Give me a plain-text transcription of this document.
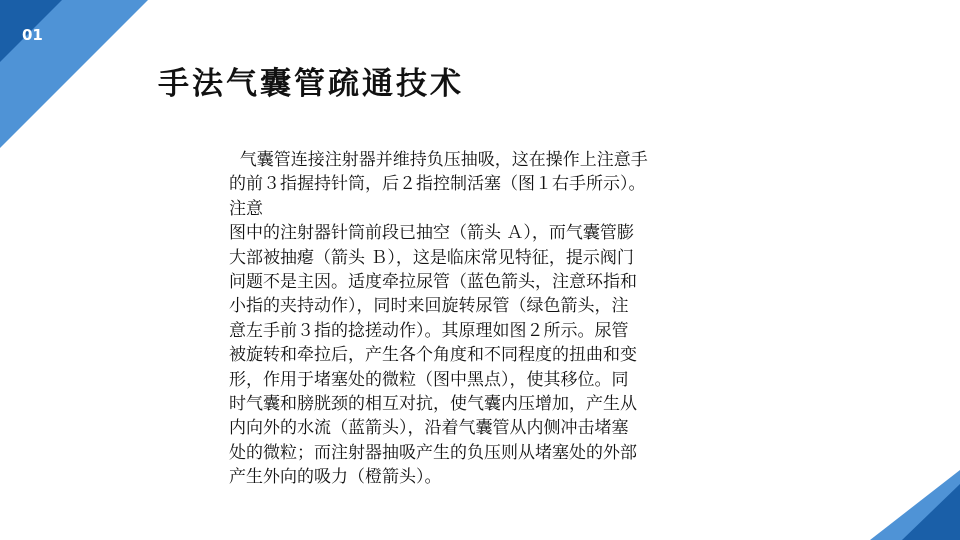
01
手法气囊管疏通技术
气囊管连接注射器并维持负压抽吸，这在操作上注意手
的前３指握持针筒，后２指控制活塞（图１右手所示）。
注意
图中的注射器针筒前段已抽空（箭头 Ａ），而气囊管膨
大部被抽瘪（箭头 Ｂ），这是临床常见特征，提示阀门
问题不是主因。适度牵拉尿管（蓝色箭头，注意环指和
小指的夹持动作），同时来回旋转尿管（绿色箭头，注
意左手前３指的捻搓动作）。其原理如图２所示。尿管
被旋转和牵拉后，产生各个角度和不同程度的扭曲和变
形，作用于堵塞处的微粒（图中黑点），使其移位。同
时气囊和膀胱颈的相互对抗，使气囊内压增加，产生从
内向外的水流（蓝箭头），沿着气囊管从内侧冲击堵塞
处的微粒；而注射器抽吸产生的负压则从堵塞处的外部
产生外向的吸力（橙箭头）。
